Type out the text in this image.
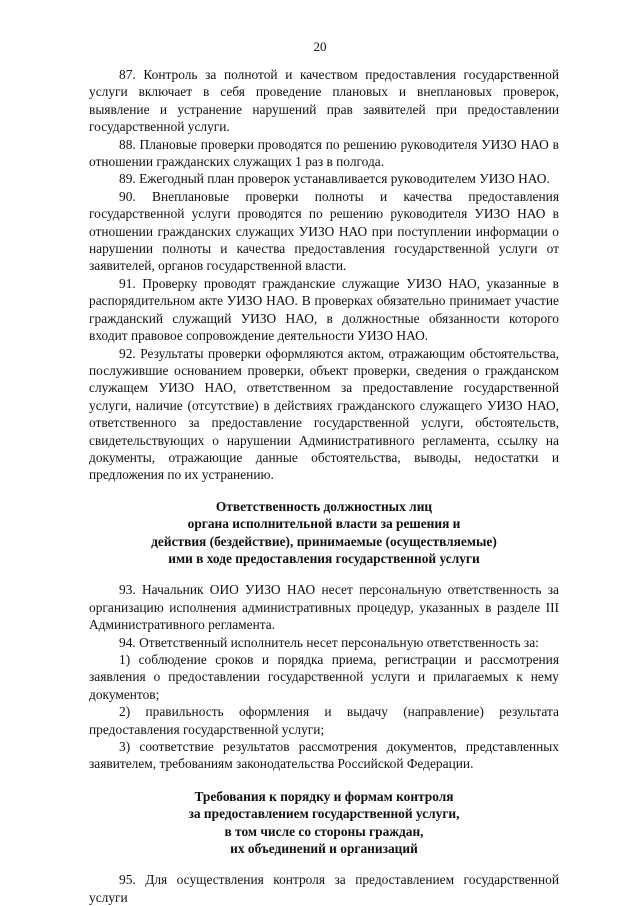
20

87. Контроль за полнотой и качеством предоставления государственной услуги включает в себя проведение плановых и внеплановых проверок, выявление и устранение нарушений прав заявителей при предоставлении государственной услуги.

88. Плановые проверки проводятся по решению руководителя УИЗО НАО в отношении гражданских служащих 1 раз в полгода.

89. Ежегодный план проверок устанавливается руководителем УИЗО НАО.

90. Внеплановые проверки полноты и качества предоставления государственной услуги проводятся по решению руководителя УИЗО НАО в отношении гражданских служащих УИЗО НАО при поступлении информации о нарушении полноты и качества предоставления государственной услуги от заявителей, органов государственной власти.

91. Проверку проводят гражданские служащие УИЗО НАО, указанные в распорядительном акте УИЗО НАО. В проверках обязательно принимает участие гражданский служащий УИЗО НАО, в должностные обязанности которого входит правовое сопровождение деятельности УИЗО НАО.

92. Результаты проверки оформляются актом, отражающим обстоятельства, послужившие основанием проверки, объект проверки, сведения о гражданском служащем УИЗО НАО, ответственном за предоставление государственной услуги, наличие (отсутствие) в действиях гражданского служащего УИЗО НАО, ответственного за предоставление государственной услуги, обстоятельств, свидетельствующих о нарушении Административного регламента, ссылку на документы, отражающие данные обстоятельства, выводы, недостатки и предложения по их устранению.

Ответственность должностных лиц
органа исполнительной власти за решения и
действия (бездействие), принимаемые (осуществляемые)
ими в ходе предоставления государственной услуги

93. Начальник ОИО УИЗО НАО несет персональную ответственность за организацию исполнения административных процедур, указанных в разделе III Административного регламента.

94. Ответственный исполнитель несет персональную ответственность за:

1) соблюдение сроков и порядка приема, регистрации и рассмотрения заявления о предоставлении государственной услуги и прилагаемых к нему документов;

2) правильность оформления и выдачу (направление) результата предоставления государственной услуги;

3) соответствие результатов рассмотрения документов, представленных заявителем, требованиям законодательства Российской Федерации.

Требования к порядку и формам контроля
за предоставлением государственной услуги,
в том числе со стороны граждан,
их объединений и организаций

95. Для осуществления контроля за предоставлением государственной услуги
